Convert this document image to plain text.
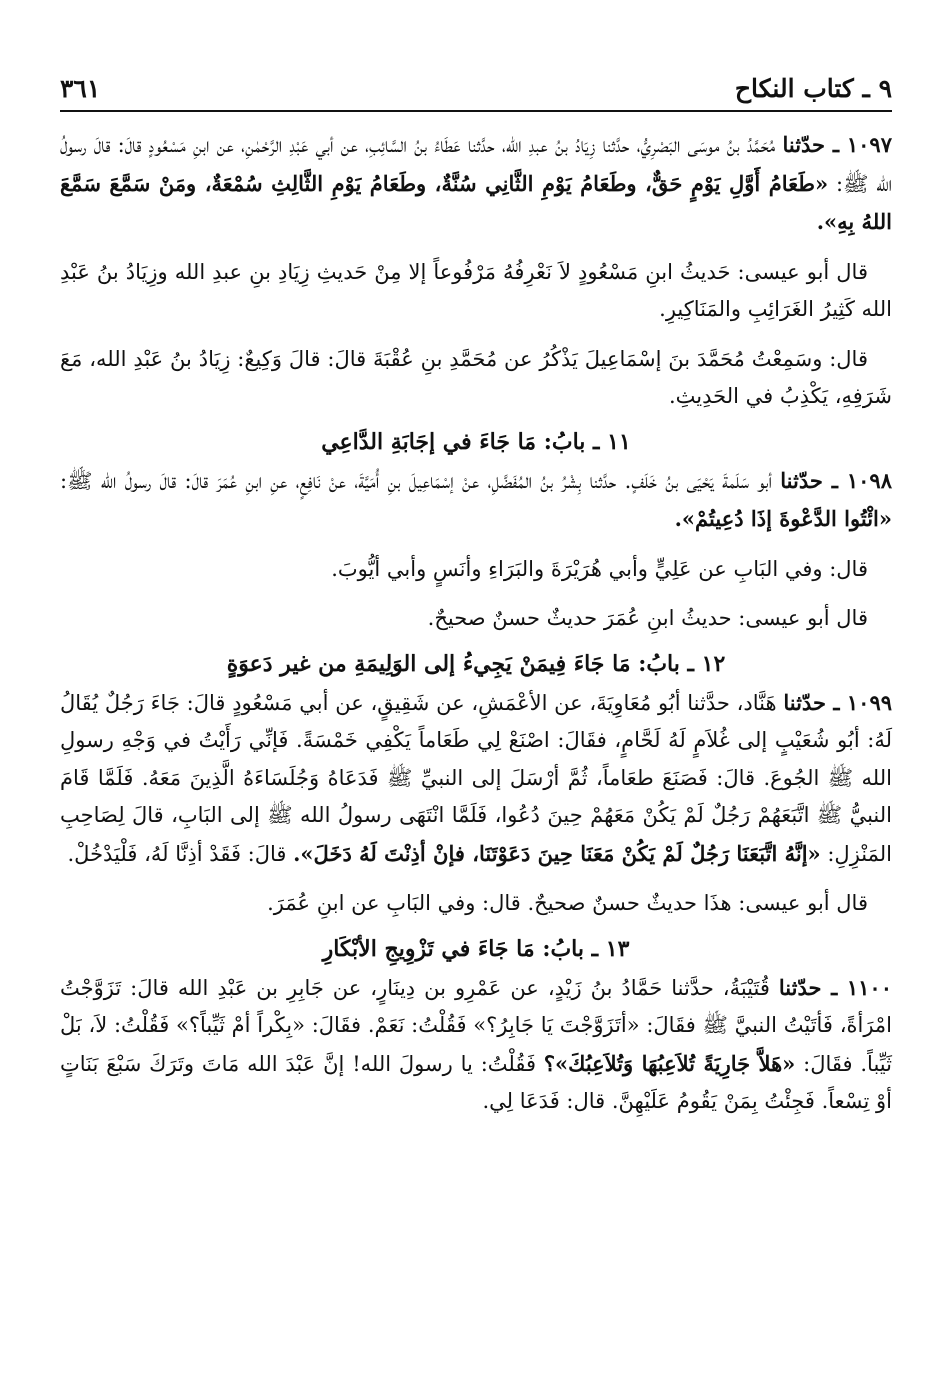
٩ ـ كتاب النكاح
٣٦١

١٠٩٧ ـ حدّثنا مُحَمَّدُ بنُ موسَى البَصْرِيُّ، حدَّثنا زِيَادُ بنُ عبدِ الله، حدَّثنا عَطَاءُ بنُ السَّائِبِ، عن أبي عَبْدِ الرَّحْمٰنِ، عن ابنِ مَسْعُودٍ قالَ: قالَ رسولُ الله ﷺ: «طَعَامُ أَوَّلِ يَوْمٍ حَقٌّ، وطَعَامُ يَوْمِ الثَّانِي سُنَّةٌ، وطَعَامُ يَوْمِ الثَّالِثِ سُمْعَةٌ، ومَنْ سَمَّعَ سَمَّعَ اللهُ بِهِ».

قال أبو عيسى: حَديثُ ابنِ مَسْعُودٍ لاَ نَعْرِفُهُ مَرْفُوعاً إلا مِنْ حَديثِ زِيَادِ بنِ عبدِ الله وزِيَادُ بنُ عَبْدِ الله كَثِيرُ الغَرَائِبِ والمَنَاكِيرِ.

قال: وسَمِعْتُ مُحَمَّدَ بنَ إسْمَاعِيلَ يَذْكُرُ عن مُحَمَّدِ بنِ عُقْبَةَ قالَ: قالَ وَكِيعٌ: زِيَادُ بنُ عَبْدِ الله، مَعَ شَرَفِهِ، يَكْذِبُ في الحَدِيثِ.

١١ ـ بابُ: مَا جَاءَ في إجَابَةِ الدَّاعِي

١٠٩٨ ـ حدّثنا أبو سَلَمةَ يَحْيَى بنُ خَلَفٍ. حدَّثنا بِشْرُ بنُ المُفَضَّلِ، عنْ إسْمَاعِيلَ بنِ أُمَيَّةَ، عنْ نَافِعٍ، عنِ ابنِ عُمَرَ قالَ: قالَ رسولُ الله ﷺ: «ائْتُوا الدَّعْوةَ إذَا دُعِيتُمْ».

قال: وفي البَابِ عن عَلِيٍّ وأبي هُرَيْرَةَ والبَرَاءِ وأنَسٍ وأبي أيُّوبَ.

قال أبو عيسى: حديثُ ابنِ عُمَرَ حديثٌ حسنٌ صحيحٌ.

١٢ ـ بابُ: مَا جَاءَ فِيمَنْ يَجِيءُ إلى الوَلِيمَةِ من غير دَعوَةٍ

١٠٩٩ ـ حدّثنا هَنَّاد، حدَّثنا أبُو مُعَاوِيَةَ، عن الأعْمَشِ، عن شَقِيقٍ، عن أبي مَسْعُودٍ قالَ: جَاءَ رَجُلٌ يُقَالُ لَهُ: أبُو شُعَيْبٍ إلى غُلاَمٍ لَهُ لَحَّامٍ، فقَالَ: اصْنَعْ لِي طَعَاماً يَكْفِي خَمْسَةً. فَإنِّي رَأَيْتُ في وَجْهِ رسولِ الله ﷺ الجُوعَ. قالَ: فَصَنَعَ طعَاماً، ثُمَّ أرْسَلَ إلى النبيِّ ﷺ فَدَعَاهُ وَجُلَسَاءَهُ الَّذِينَ مَعَهُ. فَلَمَّا قَامَ النبيُّ ﷺ اتَّبَعَهُمْ رَجُلٌ لَمْ يَكُنْ مَعَهُمْ حِينَ دُعُوا، فَلَمَّا انْتَهَى رسولُ الله ﷺ إلى البَابِ، قالَ لِصَاحِبِ المَنْزِلِ: «إنَّهُ اتَّبَعَنَا رَجُلٌ لَمْ يَكُنْ مَعَنَا حِينَ دَعَوْتَنَا، فإنْ أذِنْتَ لَهُ دَخَلَ». قالَ: فَقَدْ أذِنَّا لَهُ، فَلْيَدْخُلْ.

قال أبو عيسى: هذَا حديثٌ حسنٌ صحيحٌ. قال: وفي البَابِ عن ابنِ عُمَرَ.

١٣ ـ بابُ: مَا جَاءَ في تَزْوِيجِ الأبْكَارِ

١١٠٠ ـ حدّثنا قُتَيْبَةُ، حدَّثنا حَمَّادُ بنُ زَيْدٍ، عن عَمْرِو بن دِينَارٍ، عن جَابِرِ بن عَبْدِ الله قالَ: تَزَوَّجْتُ امْرَأةً، فَأتَيْتُ النبيَّ ﷺ فقَالَ: «أتَزَوَّجْتَ يَا جَابِرُ؟» فَقُلْتُ: نَعَمْ. فقَالَ: «بِكْراً أمْ ثَيِّباً؟» فَقُلْتُ: لاَ، بَلْ ثَيِّباً. فقَالَ: «هَلاَّ جَارِيَةً تُلاَعِبُهَا وَتُلاَعِبُكَ»؟ فَقُلْتُ: يا رسولَ الله! إنَّ عَبْدَ الله مَاتَ وتَرَكَ سَبْعَ بَنَاتٍ أوْ تِسْعاً. فَجِئْتُ بِمَنْ يَقُومُ عَلَيْهِنَّ. قال: فَدَعَا لِي.
